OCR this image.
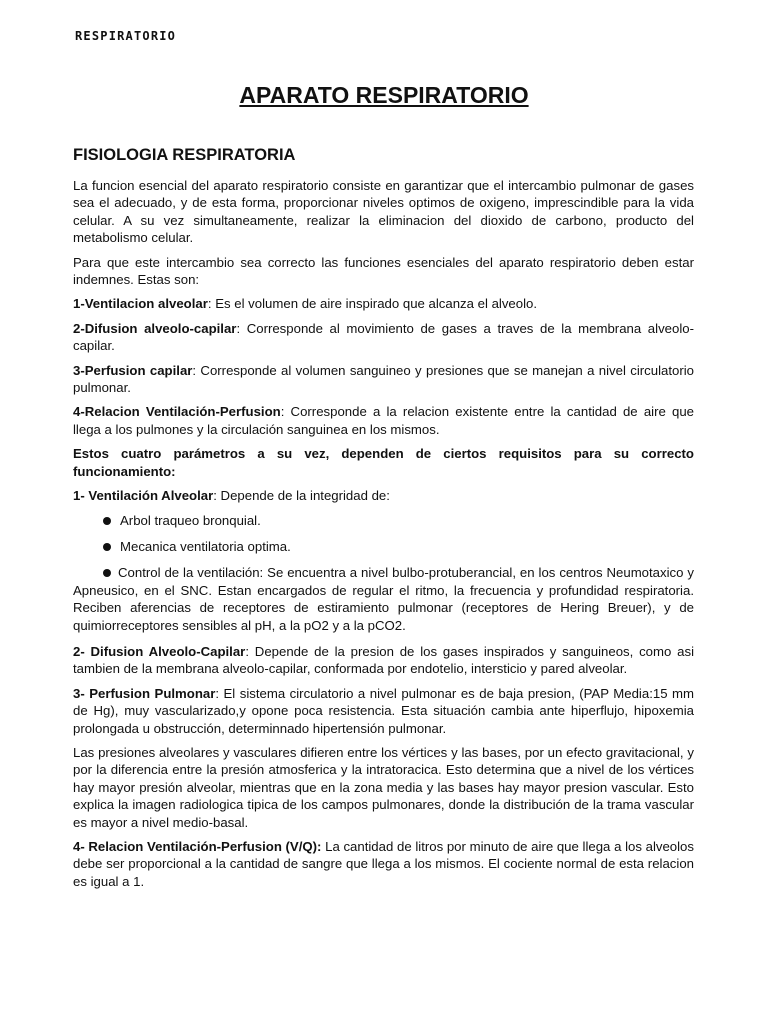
RESPIRATORIO
APARATO RESPIRATORIO
FISIOLOGIA RESPIRATORIA

La funcion esencial del aparato respiratorio consiste en garantizar que el intercambio pulmonar de gases sea el adecuado, y de esta forma, proporcionar niveles optimos de oxigeno, imprescindible para la vida celular. A su vez simultaneamente, realizar la eliminacion del dioxido de carbono, producto del metabolismo celular.

Para que este intercambio sea correcto las funciones esenciales del aparato respiratorio deben estar indemnes. Estas son:

1-Ventilacion alveolar: Es el volumen de aire inspirado que alcanza el alveolo.

2-Difusion alveolo-capilar: Corresponde al movimiento de gases a traves de la membrana alveolo-capilar.

3-Perfusion capilar: Corresponde al volumen sanguineo y presiones que se manejan a nivel circulatorio pulmonar.

4-Relacion Ventilación-Perfusion: Corresponde a la relacion existente entre la cantidad de aire que llega a los pulmones y la circulación sanguinea en los mismos.

Estos cuatro parámetros a su vez, dependen de ciertos requisitos para su correcto funcionamiento:

1- Ventilación Alveolar: Depende de la integridad de:

Arbol traqueo bronquial.
Mecanica ventilatoria optima.
Control de la ventilación: Se encuentra a nivel bulbo-protuberancial, en los centros Neumotaxico y Apneusico, en el SNC. Estan encargados de regular el ritmo, la frecuencia y profundidad respiratoria. Reciben aferencias de receptores de estiramiento pulmonar (receptores de Hering Breuer), y de quimiorreceptores sensibles al pH, a la pO2 y a la pCO2.

2- Difusion Alveolo-Capilar: Depende de la presion de los gases inspirados y sanguineos, como asi tambien de la membrana alveolo-capilar, conformada por endotelio, intersticio y pared alveolar.

3- Perfusion Pulmonar: El sistema circulatorio a nivel pulmonar es de baja presion, (PAP Media:15 mm de Hg), muy vascularizado,y opone poca resistencia. Esta situación cambia ante hiperflujo, hipoxemia prolongada u obstrucción, determinnado hipertensión pulmonar.

Las presiones alveolares y vasculares difieren entre los vértices y las bases, por un efecto gravitacional, y por la diferencia entre la presión atmosferica y la intratoracica. Esto determina que a nivel de los vértices hay mayor presión alveolar, mientras que en la zona media y las bases hay mayor presion vascular. Esto explica la imagen radiologica tipica de los campos pulmonares, donde la distribución de la trama vascular es mayor a nivel medio-basal.

4- Relacion Ventilación-Perfusion (V/Q): La cantidad de litros por minuto de aire que llega a los alveolos debe ser proporcional a la cantidad de sangre que llega a los mismos. El cociente normal de esta relacion es igual a 1.
